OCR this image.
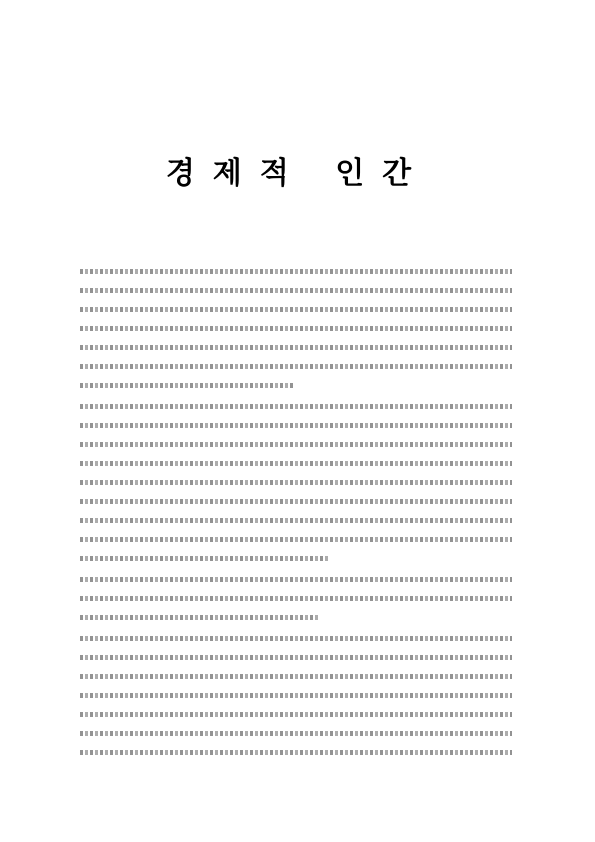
경제적 인간
